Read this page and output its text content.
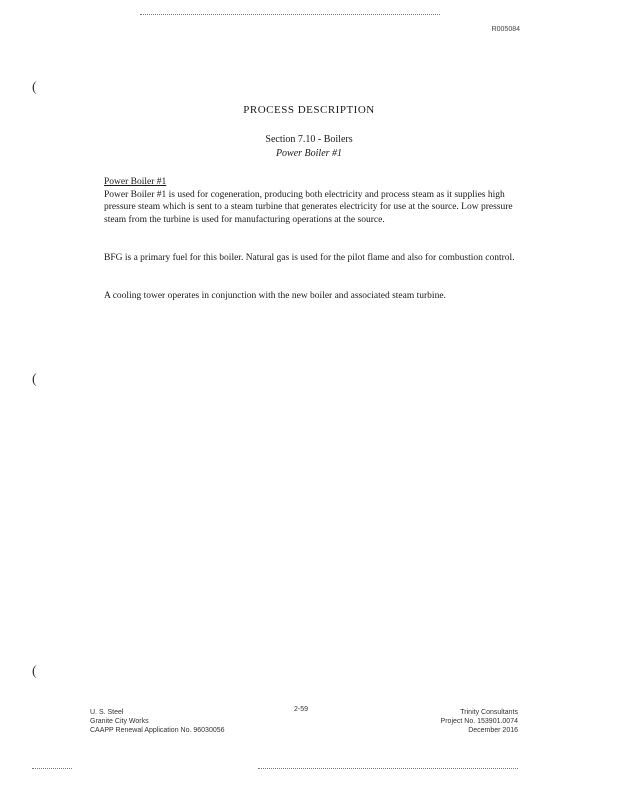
R005084
(
(
(
PROCESS DESCRIPTION
Section 7.10 - Boilers
Power Boiler #1

Power Boiler #1

Power Boiler #1 is used for cogeneration, producing both electricity and process steam as it supplies high pressure steam which is sent to a steam turbine that generates electricity for use at the source. Low pressure steam from the turbine is used for manufacturing operations at the source.

BFG is a primary fuel for this boiler. Natural gas is used for the pilot flame and also for combustion control.

A cooling tower operates in conjunction with the new boiler and associated steam turbine.

U. S. Steel
Granite City Works
CAAPP Renewal Application No. 96030056
2-59	Trinity Consultants
Project No. 153901.0074
December 2016
